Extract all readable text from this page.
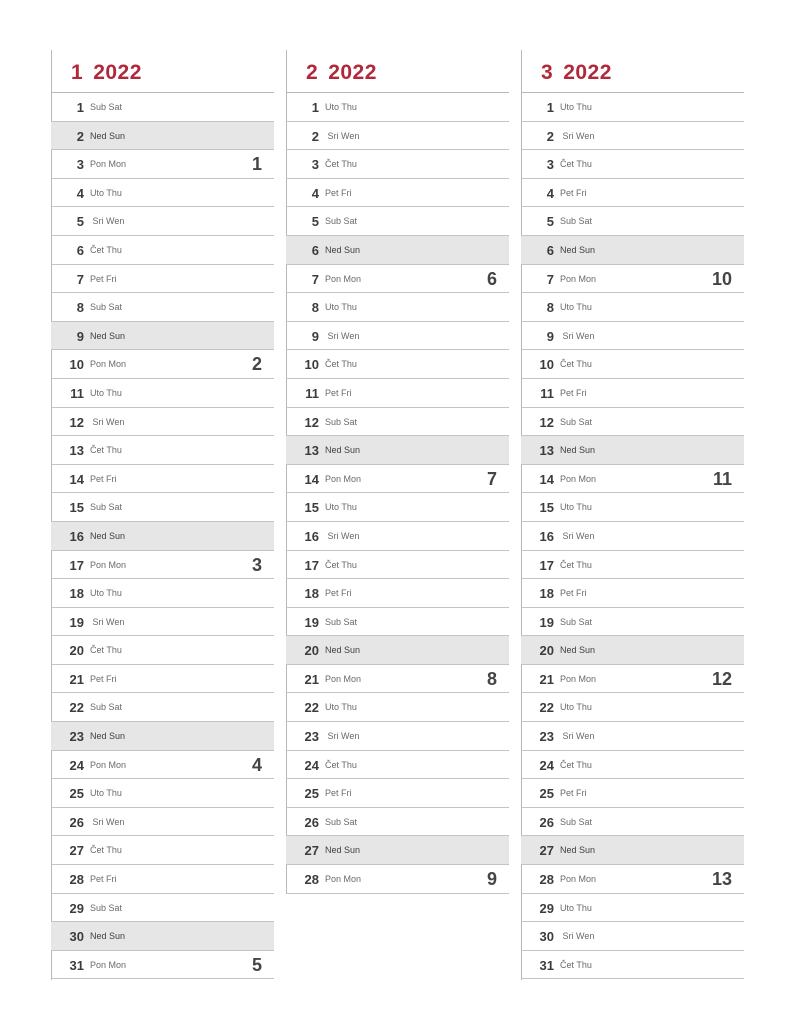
1 2022
1 Sub Sat
2 Ned Sun
3 Pon Mon	1
4 Uto Thu
5 Sri Wen
6 Čet Thu
7 Pet Fri
8 Sub Sat
9 Ned Sun
10 Pon Mon	2
11 Uto Thu
12 Sri Wen
13 Čet Thu
14 Pet Fri
15 Sub Sat
16 Ned Sun
17 Pon Mon	3
18 Uto Thu
19 Sri Wen
20 Čet Thu
21 Pet Fri
22 Sub Sat
23 Ned Sun
24 Pon Mon	4
25 Uto Thu
26 Sri Wen
27 Čet Thu
28 Pet Fri
29 Sub Sat
30 Ned Sun
31 Pon Mon	5
2 2022
1 Uto Thu
2 Sri Wen
3 Čet Thu
4 Pet Fri
5 Sub Sat
6 Ned Sun
7 Pon Mon	6
8 Uto Thu
9 Sri Wen
10 Čet Thu
11 Pet Fri
12 Sub Sat
13 Ned Sun
14 Pon Mon	7
15 Uto Thu
16 Sri Wen
17 Čet Thu
18 Pet Fri
19 Sub Sat
20 Ned Sun
21 Pon Mon	8
22 Uto Thu
23 Sri Wen
24 Čet Thu
25 Pet Fri
26 Sub Sat
27 Ned Sun
28 Pon Mon	9
3 2022
1 Uto Thu
2 Sri Wen
3 Čet Thu
4 Pet Fri
5 Sub Sat
6 Ned Sun
7 Pon Mon	10
8 Uto Thu
9 Sri Wen
10 Čet Thu
11 Pet Fri
12 Sub Sat
13 Ned Sun
14 Pon Mon	11
15 Uto Thu
16 Sri Wen
17 Čet Thu
18 Pet Fri
19 Sub Sat
20 Ned Sun
21 Pon Mon	12
22 Uto Thu
23 Sri Wen
24 Čet Thu
25 Pet Fri
26 Sub Sat
27 Ned Sun
28 Pon Mon	13
29 Uto Thu
30 Sri Wen
31 Čet Thu
